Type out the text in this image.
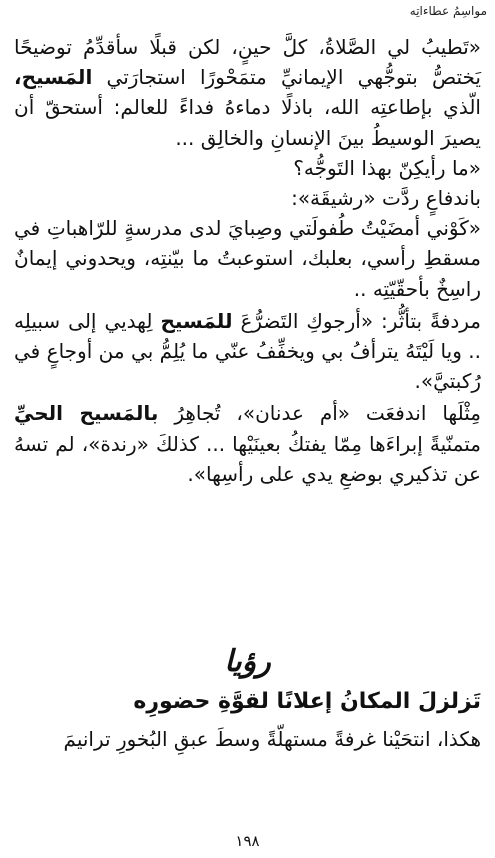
مواسِمُ عطاءاتِه

«تَطيبُ لي الصَّلاةُ، كلَّ حينٍ، لكن قبلًا سأقدِّمُ توضيحًا يَختصُّ بتوجُّهي الإيمانيِّ متمَحْورًا استجارَتي المَسيح، الّذي بإطاعتِه الله، باذلًا دماءهُ فداءً للعالم: أستحقّ أن يصيرَ الوسيطُ بينَ الإنسانِ والخالِق ...

«ما رأيكِنّ بهذا التَوجُّه؟

باندفاعٍ ردَّت «رشيقَة»:

«كَوْني أمضَيْتُ طُفولَتي وصِبايَ لدى مدرسةٍ للرّاهباتِ في مسقطِ رأسي، بعلبك، استوعبتُ ما بيّنتِه، ويحدوني إيمانٌ راسِخٌ بأحقّيّتِه ..

مردفةً بتأثُّر: «أرجوكِ التَضرُّعَ للمَسيح لِهديي إلى سبيلِه .. ويا لَيْتَهُ يترأفُ بي ويخفِّفُ عنّي ما يُلِمُّ بي من أوجاعٍ في رُكبتيَّ».

مِثْلَها اندفعَت «أم عدنان»، تُجاهِرُ بالمَسيح الحيِّ متمنّيةً إبراءَها مِمّا يفتكُ بعينَيْها ... كذلكَ «رندة»، لم تسهُ عن تذكيري بوضعِ يدي على رأسِها».

رؤيا
تَزلزلَ المكانُ إعلانًا لقوَّةِ حضورِه
هكذا، انتحَيْنا غرفةً مستهلّةً وسطَ عبقِ البُخورِ ترانيمَ
١٩٨
